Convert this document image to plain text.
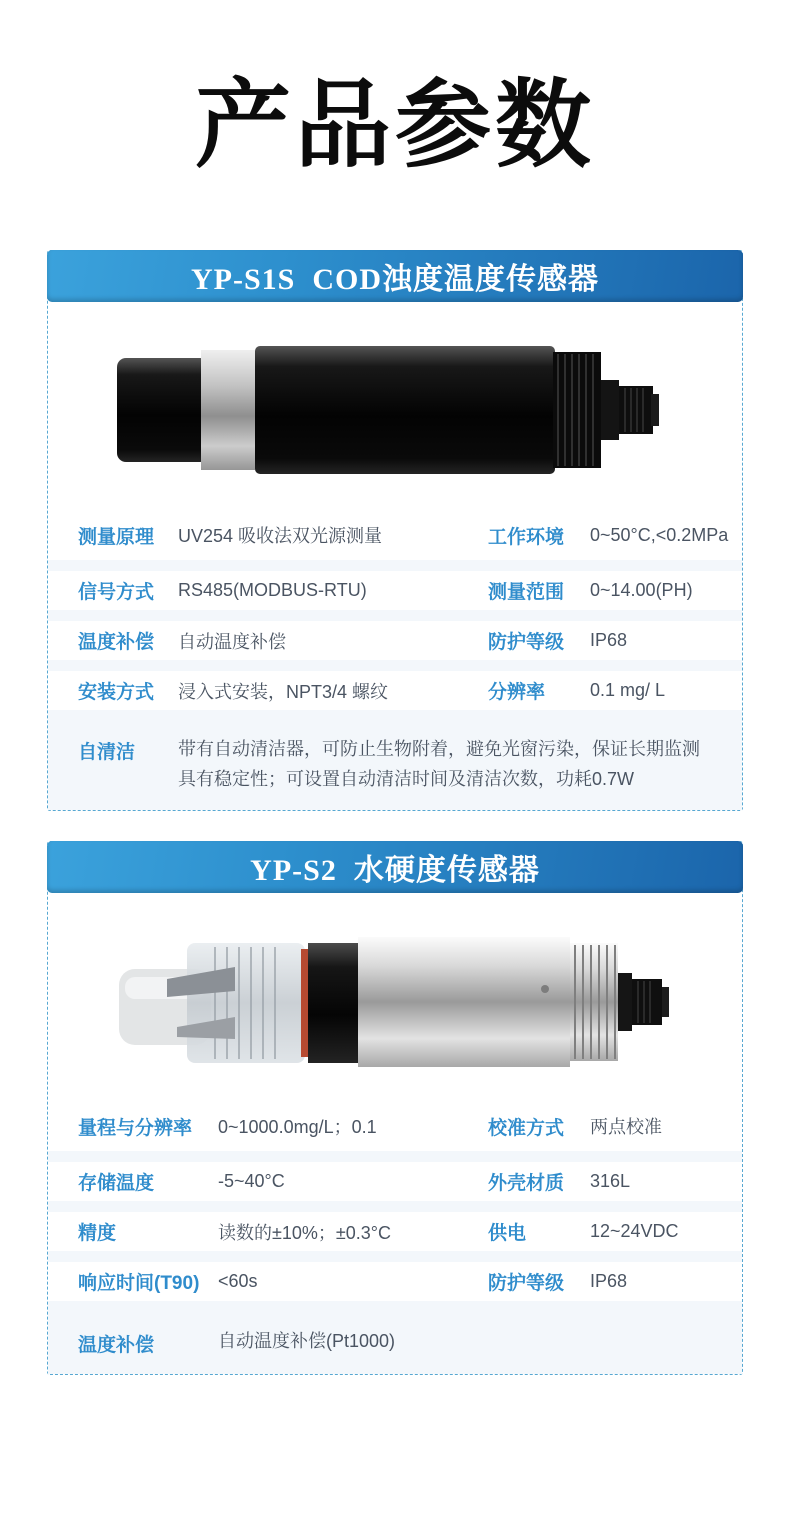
产品参数
YP-S1S  COD浊度温度传感器
测量原理	UV254 吸收法双光源测量	工作环境	0~50°C,<0.2MPa
信号方式	RS485(MODBUS-RTU)	测量范围	0~14.00(PH)
温度补偿	自动温度补偿	防护等级	IP68
安装方式	浸入式安装，NPT3/4 螺纹	分辨率	0.1 mg/ L
自清洁	带有自动清洁器，可防止生物附着，避免光窗污染，保证长期监测具有稳定性；可设置自动清洁时间及清洁次数，功耗0.7W
YP-S2  水硬度传感器
量程与分辨率	0~1000.0mg/L；0.1	校准方式	两点校准
存储温度	-5~40°C	外壳材质	316L
精度	读数的±10%；±0.3°C	供电	12~24VDC
响应时间(T90)	<60s	防护等级	IP68
温度补偿	自动温度补偿(Pt1000)
